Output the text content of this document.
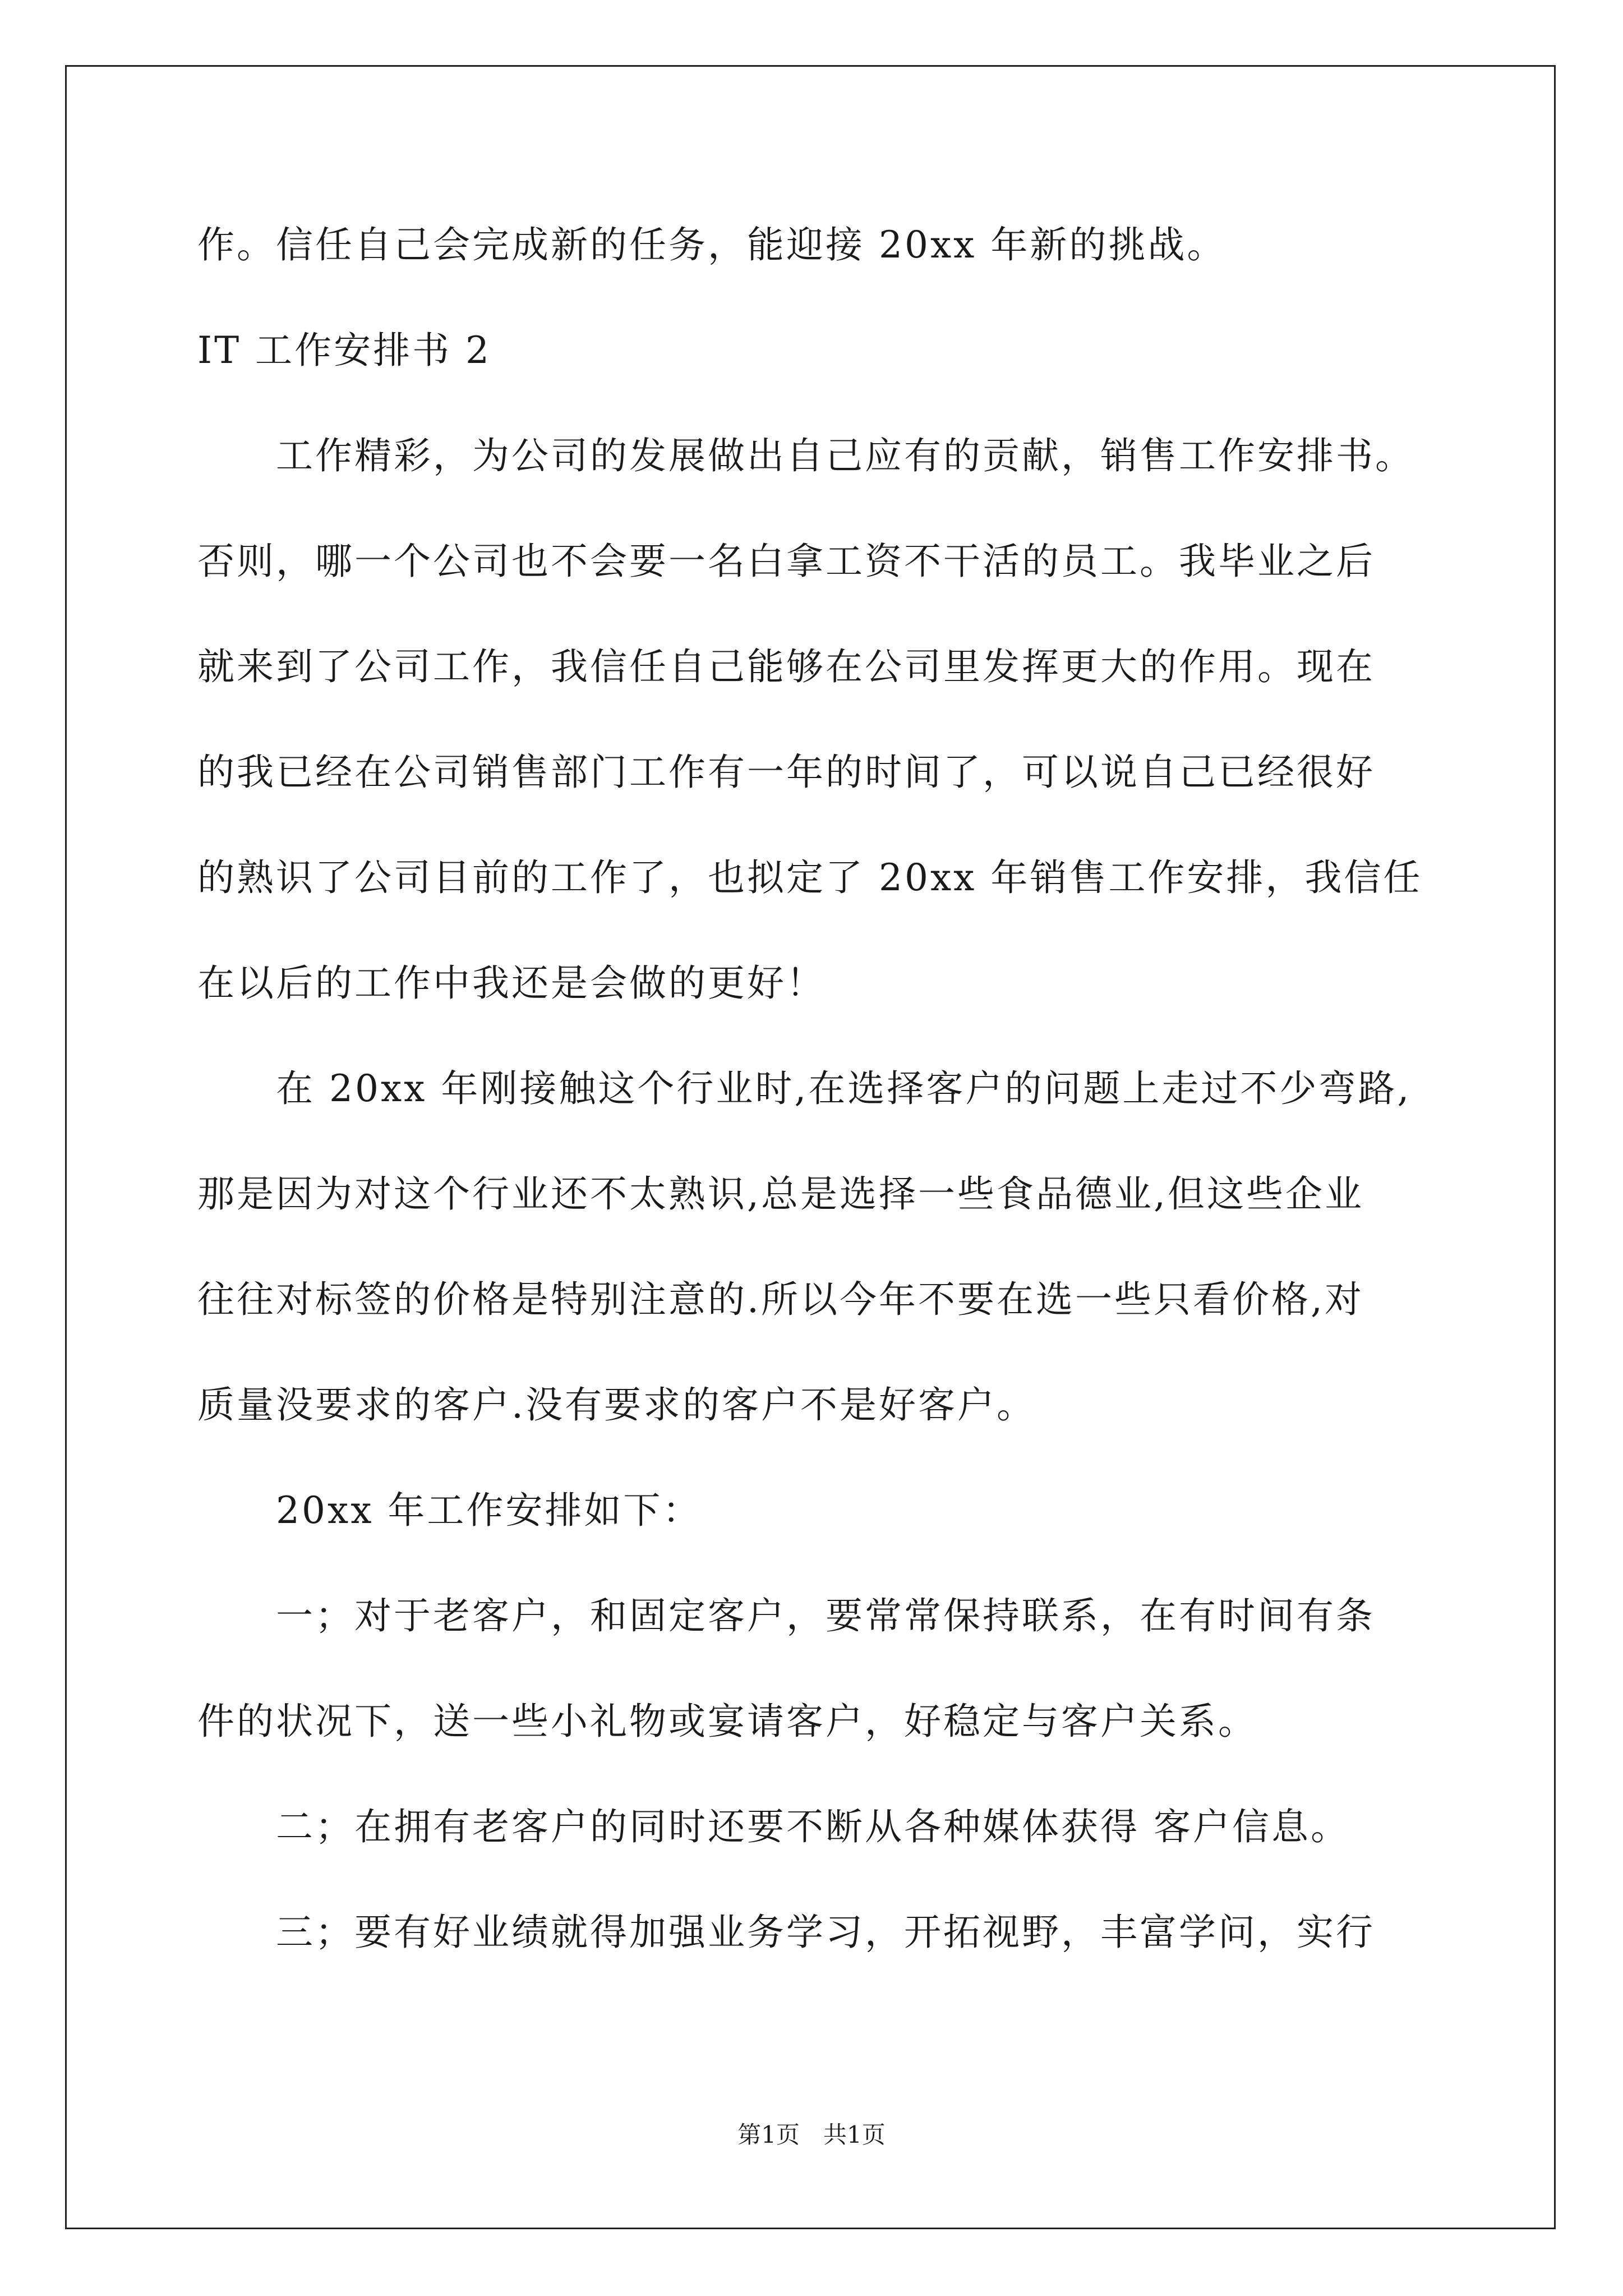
作。信任自己会完成新的任务，能迎接 20xx 年新的挑战。
IT 工作安排书 2
工作精彩，为公司的发展做出自己应有的贡献，销售工作安排书。
否则，哪一个公司也不会要一名白拿工资不干活的员工。我毕业之后
就来到了公司工作，我信任自己能够在公司里发挥更大的作用。现在
的我已经在公司销售部门工作有一年的时间了，可以说自己已经很好
的熟识了公司目前的工作了，也拟定了 20xx 年销售工作安排，我信任
在以后的工作中我还是会做的更好！
在 20xx 年刚接触这个行业时,在选择客户的问题上走过不少弯路,
那是因为对这个行业还不太熟识,总是选择一些食品德业,但这些企业
往往对标签的价格是特别注意的.所以今年不要在选一些只看价格,对
质量没要求的客户.没有要求的客户不是好客户。
20xx 年工作安排如下：
一；对于老客户，和固定客户，要常常保持联系，在有时间有条
件的状况下，送一些小礼物或宴请客户，好稳定与客户关系。
二；在拥有老客户的同时还要不断从各种媒体获得 客户信息。
三；要有好业绩就得加强业务学习，开拓视野，丰富学问，实行
第1页　共1页
